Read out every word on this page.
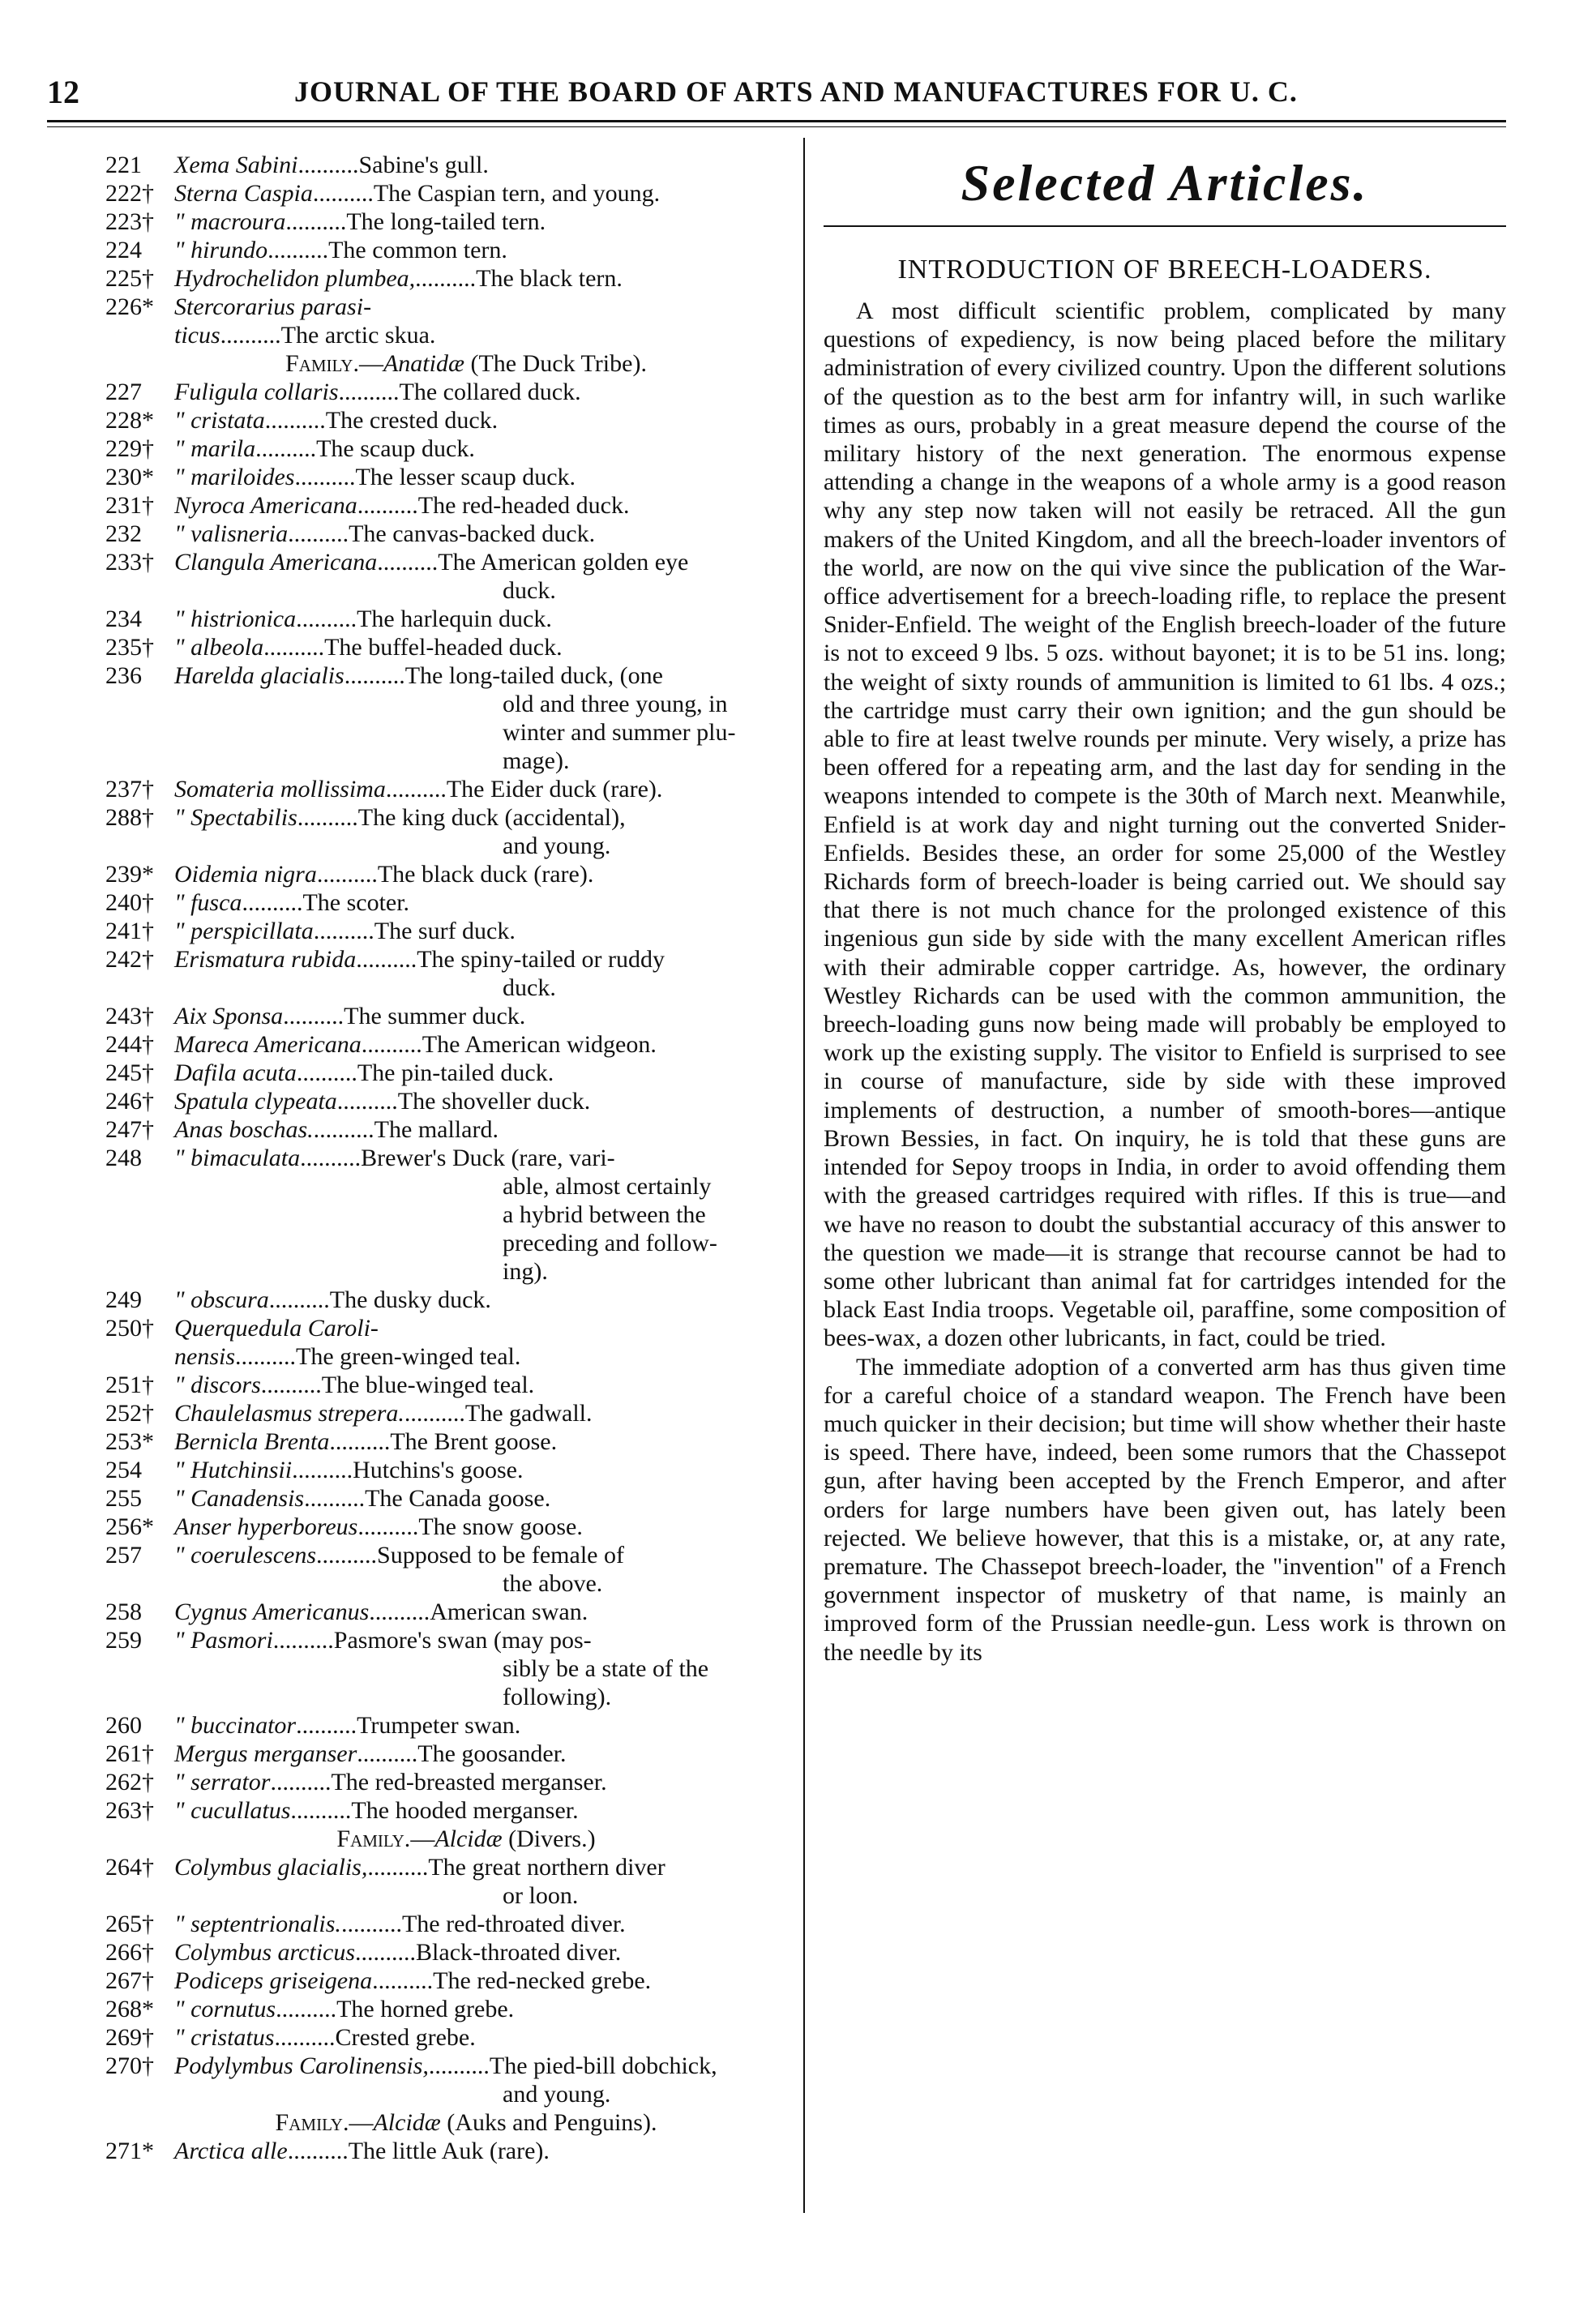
12	JOURNAL OF THE BOARD OF ARTS AND MANUFACTURES FOR U. C.
221	Xema Sabini .......... Sabine's gull.
222† Sterna Caspia .......... The Caspian tern, and young.
223† " macroura .......... The long-tailed tern.
224	" hirundo .......... The common tern.
225† Hydrochelidon plumbea, .......... The black tern.
226* Stercorarius parasi-
ticus .......... The arctic skua.
Family.—Anatidæ (The Duck Tribe).
227	Fuligula collaris .......... The collared duck.
228* " cristata .......... The crested duck.
229† " marila .......... The scaup duck.
230* " mariloides .......... The lesser scaup duck.
231† Nyroca Americana .......... The red-headed duck.
232	" valisneria .......... The canvas-backed duck.
233† Clangula Americana .......... The American golden eye
duck.
234	" histrionica .......... The harlequin duck.
235† " albeola .......... The buffel-headed duck.
236	Harelda glacialis .......... The long-tailed duck, (one
old and three young, in
winter and summer plu-
mage).
237† Somateria mollissima .......... The Eider duck (rare).
288† " Spectabilis .......... The king duck (accidental),
and young.
239* Oidemia nigra .......... The black duck (rare).
240† " fusca .......... The scoter.
241† " perspicillata .......... The surf duck.
242† Erismatura rubida .......... The spiny-tailed or ruddy
duck.
243† Aix Sponsa .......... The summer duck.
244† Mareca Americana .......... The American widgeon.
245† Dafila acuta .......... The pin-tailed duck.
246† Spatula clypeata .......... The shoveller duck.
247† Anas boschas. .......... The mallard.
248	" bimaculata .......... Brewer's Duck (rare, vari-
able, almost certainly
a hybrid between the
preceding and follow-
ing).
249	" obscura .......... The dusky duck.
250† Querquedula Caroli-
nensis .......... The green-winged teal.
251† " discors .......... The blue-winged teal.
252† Chaulelasmus strepera. .......... The gadwall.
253* Bernicla Brenta .......... The Brent goose.
254	" Hutchinsii .......... Hutchins's goose.
255	" Canadensis .......... The Canada goose.
256* Anser hyperboreus .......... The snow goose.
257	" coerulescens .......... Supposed to be female of
the above.
258	Cygnus Americanus .......... American swan.
259	" Pasmori .......... Pasmore's swan (may pos-
sibly be a state of the
following).
260	" buccinator .......... Trumpeter swan.
261† Mergus merganser .......... The goosander.
262† " serrator .......... The red-breasted merganser.
263† " cucullatus .......... The hooded merganser.
Family.—Alcidæ (Divers.)
264† Colymbus glacialis, .......... The great northern diver
or loon.
265† " septentrionalis. .......... The red-throated diver.
266† Colymbus arcticus .......... Black-throated diver.
267† Podiceps griseigena .......... The red-necked grebe.
268* " cornutus .......... The horned grebe.
269† " cristatus .......... Crested grebe.
270† Podylymbus Carolinensis, .......... The pied-bill dobchick,
and young.
Family.—Alcidæ (Auks and Penguins).
271* Arctica alle .......... The little Auk (rare).
Selected Articles.
INTRODUCTION OF BREECH-LOADERS.

A most difficult scientific problem, complicated by many questions of expediency, is now being placed before the military administration of every civilized country. Upon the different solutions of the question as to the best arm for infantry will, in such warlike times as ours, probably in a great measure depend the course of the military history of the next generation. The enormous expense attending a change in the weapons of a whole army is a good reason why any step now taken will not easily be retraced. All the gun makers of the United Kingdom, and all the breech-loader inventors of the world, are now on the qui vive since the publication of the War-office advertisement for a breech-loading rifle, to replace the present Snider-Enfield. The weight of the English breech-loader of the future is not to exceed 9 lbs. 5 ozs. without bayonet; it is to be 51 ins. long; the weight of sixty rounds of ammunition is limited to 61 lbs. 4 ozs.; the cartridge must carry their own ignition; and the gun should be able to fire at least twelve rounds per minute. Very wisely, a prize has been offered for a repeating arm, and the last day for sending in the weapons intended to compete is the 30th of March next. Meanwhile, Enfield is at work day and night turning out the converted Snider-Enfields. Besides these, an order for some 25,000 of the Westley Richards form of breech-loader is being carried out. We should say that there is not much chance for the prolonged existence of this ingenious gun side by side with the many excellent American rifles with their admirable copper cartridge. As, however, the ordinary Westley Richards can be used with the common ammunition, the breech-loading guns now being made will probably be employed to work up the existing supply. The visitor to Enfield is surprised to see in course of manufacture, side by side with these improved implements of destruction, a number of smooth-bores—antique Brown Bessies, in fact. On inquiry, he is told that these guns are intended for Sepoy troops in India, in order to avoid offending them with the greased cartridges required with rifles. If this is true—and we have no reason to doubt the substantial accuracy of this answer to the question we made—it is strange that recourse cannot be had to some other lubricant than animal fat for cartridges intended for the black East India troops. Vegetable oil, paraffine, some composition of bees-wax, a dozen other lubricants, in fact, could be tried.

The immediate adoption of a converted arm has thus given time for a careful choice of a standard weapon. The French have been much quicker in their decision; but time will show whether their haste is speed. There have, indeed, been some rumors that the Chassepot gun, after having been accepted by the French Emperor, and after orders for large numbers have been given out, has lately been rejected. We believe however, that this is a mistake, or, at any rate, premature. The Chassepot breech-loader, the "invention" of a French government inspector of musketry of that name, is mainly an improved form of the Prussian needle-gun. Less work is thrown on the needle by its
